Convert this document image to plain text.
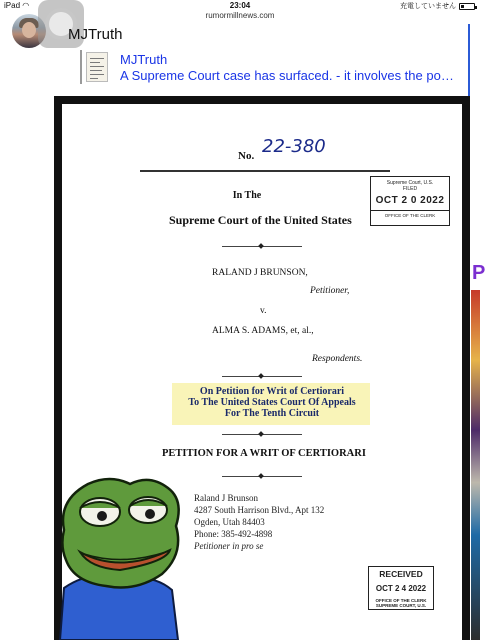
iPad ◠	23:04	充電していません
rumormillnews.com
MJTruth
MJTruth
A Supreme Court case has surfaced. - it involves the po…
P
No. 22-380
In The
Supreme Court of the United States
Supreme Court, U.S.
FILED
OCT 2 0 2022
OFFICE OF THE CLERK
RALAND J BRUNSON,
Petitioner,
v.
ALMA S. ADAMS, et, al.,
Respondents.
On Petition for Writ of Certiorari
To The United States Court Of Appeals
For The Tenth Circuit
PETITION FOR A WRIT OF CERTIORARI
Raland J Brunson
4287 South Harrison Blvd., Apt 132
Ogden, Utah 84403
Phone: 385-492-4898
Petitioner in pro se
RECEIVED
OCT 2 4 2022
OFFICE OF THE CLERK
SUPREME COURT, U.S.
